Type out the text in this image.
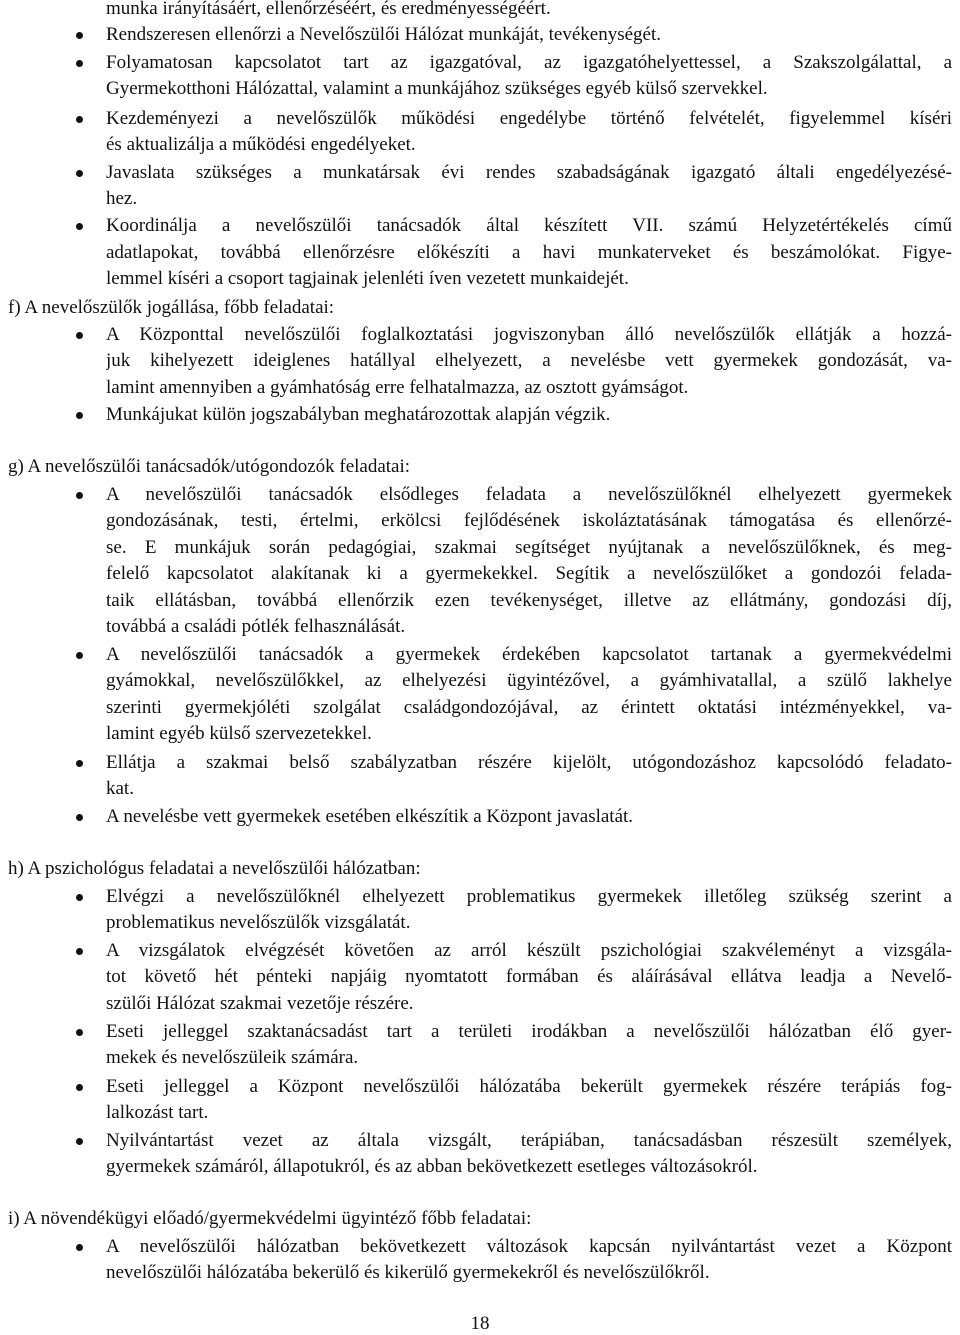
munka irányításáért, ellenőrzéséért, és eredményességéért.

Rendszeresen ellenőrzi a Nevelőszülői Hálózat munkáját, tevékenységét.

Folyamatosan kapcsolatot tart az igazgatóval, az igazgatóhelyettessel, a Szakszolgálattal, a

Gyermekotthoni Hálózattal, valamint a munkájához szükséges egyéb külső szervekkel.

Kezdeményezi a nevelőszülők működési engedélybe történő felvételét, figyelemmel kíséri

és aktualizálja a működési engedélyeket.

Javaslata szükséges a munkatársak évi rendes szabadságának igazgató általi engedélyezésé-

hez.

Koordinálja a nevelőszülői tanácsadók által készített VII. számú Helyzetértékelés című

adatlapokat, továbbá ellenőrzésre előkészíti a havi munkaterveket és beszámolókat. Figye-

lemmel kíséri a csoport tagjainak jelenléti íven vezetett munkaidejét.

f) A nevelőszülők jogállása, főbb feladatai:

A Központtal nevelőszülői foglalkoztatási jogviszonyban álló nevelőszülők ellátják a hozzá-

juk kihelyezett ideiglenes hatállyal elhelyezett, a nevelésbe vett gyermekek gondozását, va-

lamint amennyiben a gyámhatóság erre felhatalmazza, az osztott gyámságot.

Munkájukat külön jogszabályban meghatározottak alapján végzik.

g) A nevelőszülői tanácsadók/utógondozók feladatai:

A nevelőszülői tanácsadók elsődleges feladata a nevelőszülőknél elhelyezett gyermekek

gondozásának, testi, értelmi, erkölcsi fejlődésének iskoláztatásának támogatása és ellenőrzé-

se. E munkájuk során pedagógiai, szakmai segítséget nyújtanak a nevelőszülőknek, és meg-

felelő kapcsolatot alakítanak ki a gyermekekkel. Segítik a nevelőszülőket a gondozói felada-

taik ellátásban, továbbá ellenőrzik ezen tevékenységet, illetve az ellátmány, gondozási díj,

továbbá a családi pótlék felhasználását.

A nevelőszülői tanácsadók a gyermekek érdekében kapcsolatot tartanak a gyermekvédelmi

gyámokkal, nevelőszülőkkel, az elhelyezési ügyintézővel, a gyámhivatallal, a szülő lakhelye

szerinti gyermekjóléti szolgálat családgondozójával, az érintett oktatási intézményekkel, va-

lamint egyéb külső szervezetekkel.

Ellátja a szakmai belső szabályzatban részére kijelölt, utógondozáshoz kapcsolódó feladato-

kat.

A nevelésbe vett gyermekek esetében elkészítik a Központ javaslatát.

h) A pszichológus feladatai a nevelőszülői hálózatban:

Elvégzi a nevelőszülőknél elhelyezett problematikus gyermekek illetőleg szükség szerint a

problematikus nevelőszülők vizsgálatát.

A vizsgálatok elvégzését követően az arról készült pszichológiai szakvéleményt a vizsgála-

tot követő hét pénteki napjáig nyomtatott formában és aláírásával ellátva leadja a Nevelő-

szülői Hálózat szakmai vezetője részére.

Eseti jelleggel szaktanácsadást tart a területi irodákban a nevelőszülői hálózatban élő gyer-

mekek és nevelőszüleik számára.

Eseti jelleggel a Központ nevelőszülői hálózatába bekerült gyermekek részére terápiás fog-

lalkozást tart.

Nyilvántartást vezet az általa vizsgált, terápiában, tanácsadásban részesült személyek,

gyermekek számáról, állapotukról, és az abban bekövetkezett esetleges változásokról.

i) A növendékügyi előadó/gyermekvédelmi ügyintéző főbb feladatai:

A nevelőszülői hálózatban bekövetkezett változások kapcsán nyilvántartást vezet a Központ

nevelőszülői hálózatába bekerülő és kikerülő gyermekekről és nevelőszülőkről.

18
